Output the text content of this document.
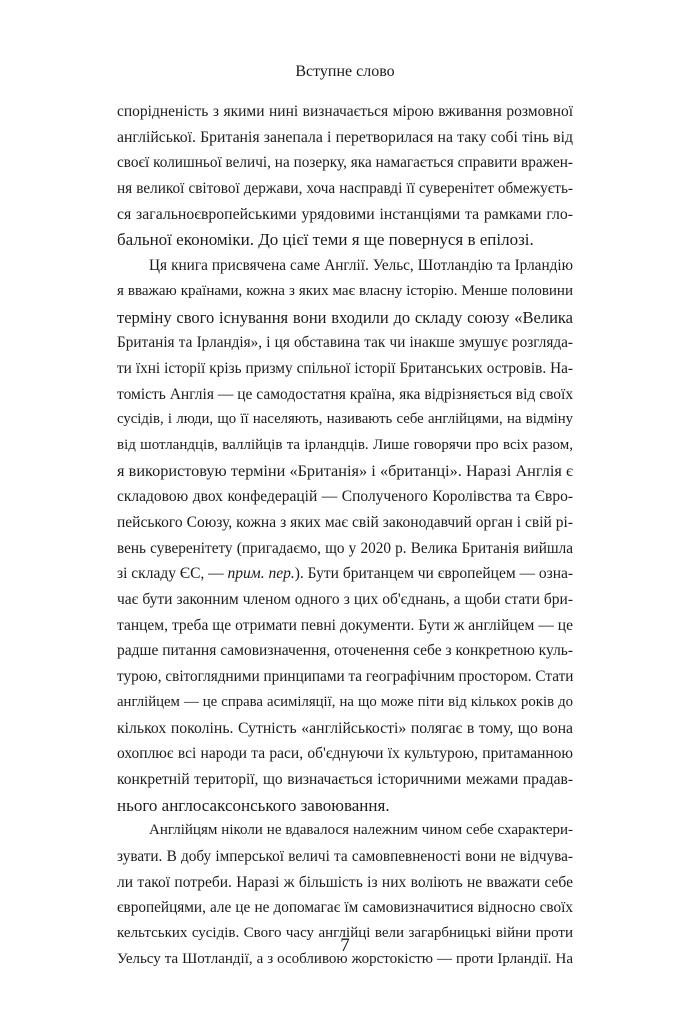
Вступне слово
спорідненість з якими нині визначається мірою вживання розмовної
англійської. Британія занепала і перетворилася на таку собі тінь від
своєї колишньої величі, на позерку, яка намагається справити вражен-
ня великої світової держави, хоча насправді її суверенітет обмежуєть-
ся загальноєвропейськими урядовими інстанціями та рамками гло-
бальної економіки. До цієї теми я ще повернуся в епілозі.
Ця книга присвячена саме Англії. Уельс, Шотландію та Ірландію
я вважаю країнами, кожна з яких має власну історію. Менше половини
терміну свого існування вони входили до складу союзу «Велика
Британія та Ірландія», і ця обставина так чи інакше змушує розгляда-
ти їхні історії крізь призму спільної історії Британських островів. На-
томість Англія — це самодостатня країна, яка відрізняється від своїх
сусідів, і люди, що її населяють, називають себе англійцями, на відміну
від шотландців, валлійців та ірландців. Лише говорячи про всіх разом,
я використовую терміни «Британія» і «британці». Наразі Англія є
складовою двох конфедерацій — Сполученого Королівства та Євро-
пейського Союзу, кожна з яких має свій законодавчий орган і свій рі-
вень суверенітету (пригадаємо, що у 2020 р. Велика Британія вийшла
зі складу ЄС, — прим. пер.). Бути британцем чи європейцем — озна-
чає бути законним членом одного з цих об'єднань, а щоби стати бри-
танцем, треба ще отримати певні документи. Бути ж англійцем — це
радше питання самовизначення, оточенення себе з конкретною куль-
турою, світоглядними принципами та географічним простором. Стати
англійцем — це справа асиміляції, на що може піти від кількох років до
кількох поколінь. Сутність «англійськості» полягає в тому, що вона
охоплює всі народи та раси, об'єднуючи їх культурою, притаманною
конкретній території, що визначається історичними межами прадав-
нього англосаксонського завоювання.
Англійцям ніколи не вдавалося належним чином себе схарактери-
зувати. В добу імперської величі та самовпевненості вони не відчува-
ли такої потреби. Наразі ж більшість із них воліють не вважати себе
європейцями, але це не допомагає їм самовизначитися відносно своїх
кельтських сусідів. Свого часу англійці вели загарбницькі війни проти
Уельсу та Шотландії, а з особливою жорстокістю — проти Ірландії. На
7
